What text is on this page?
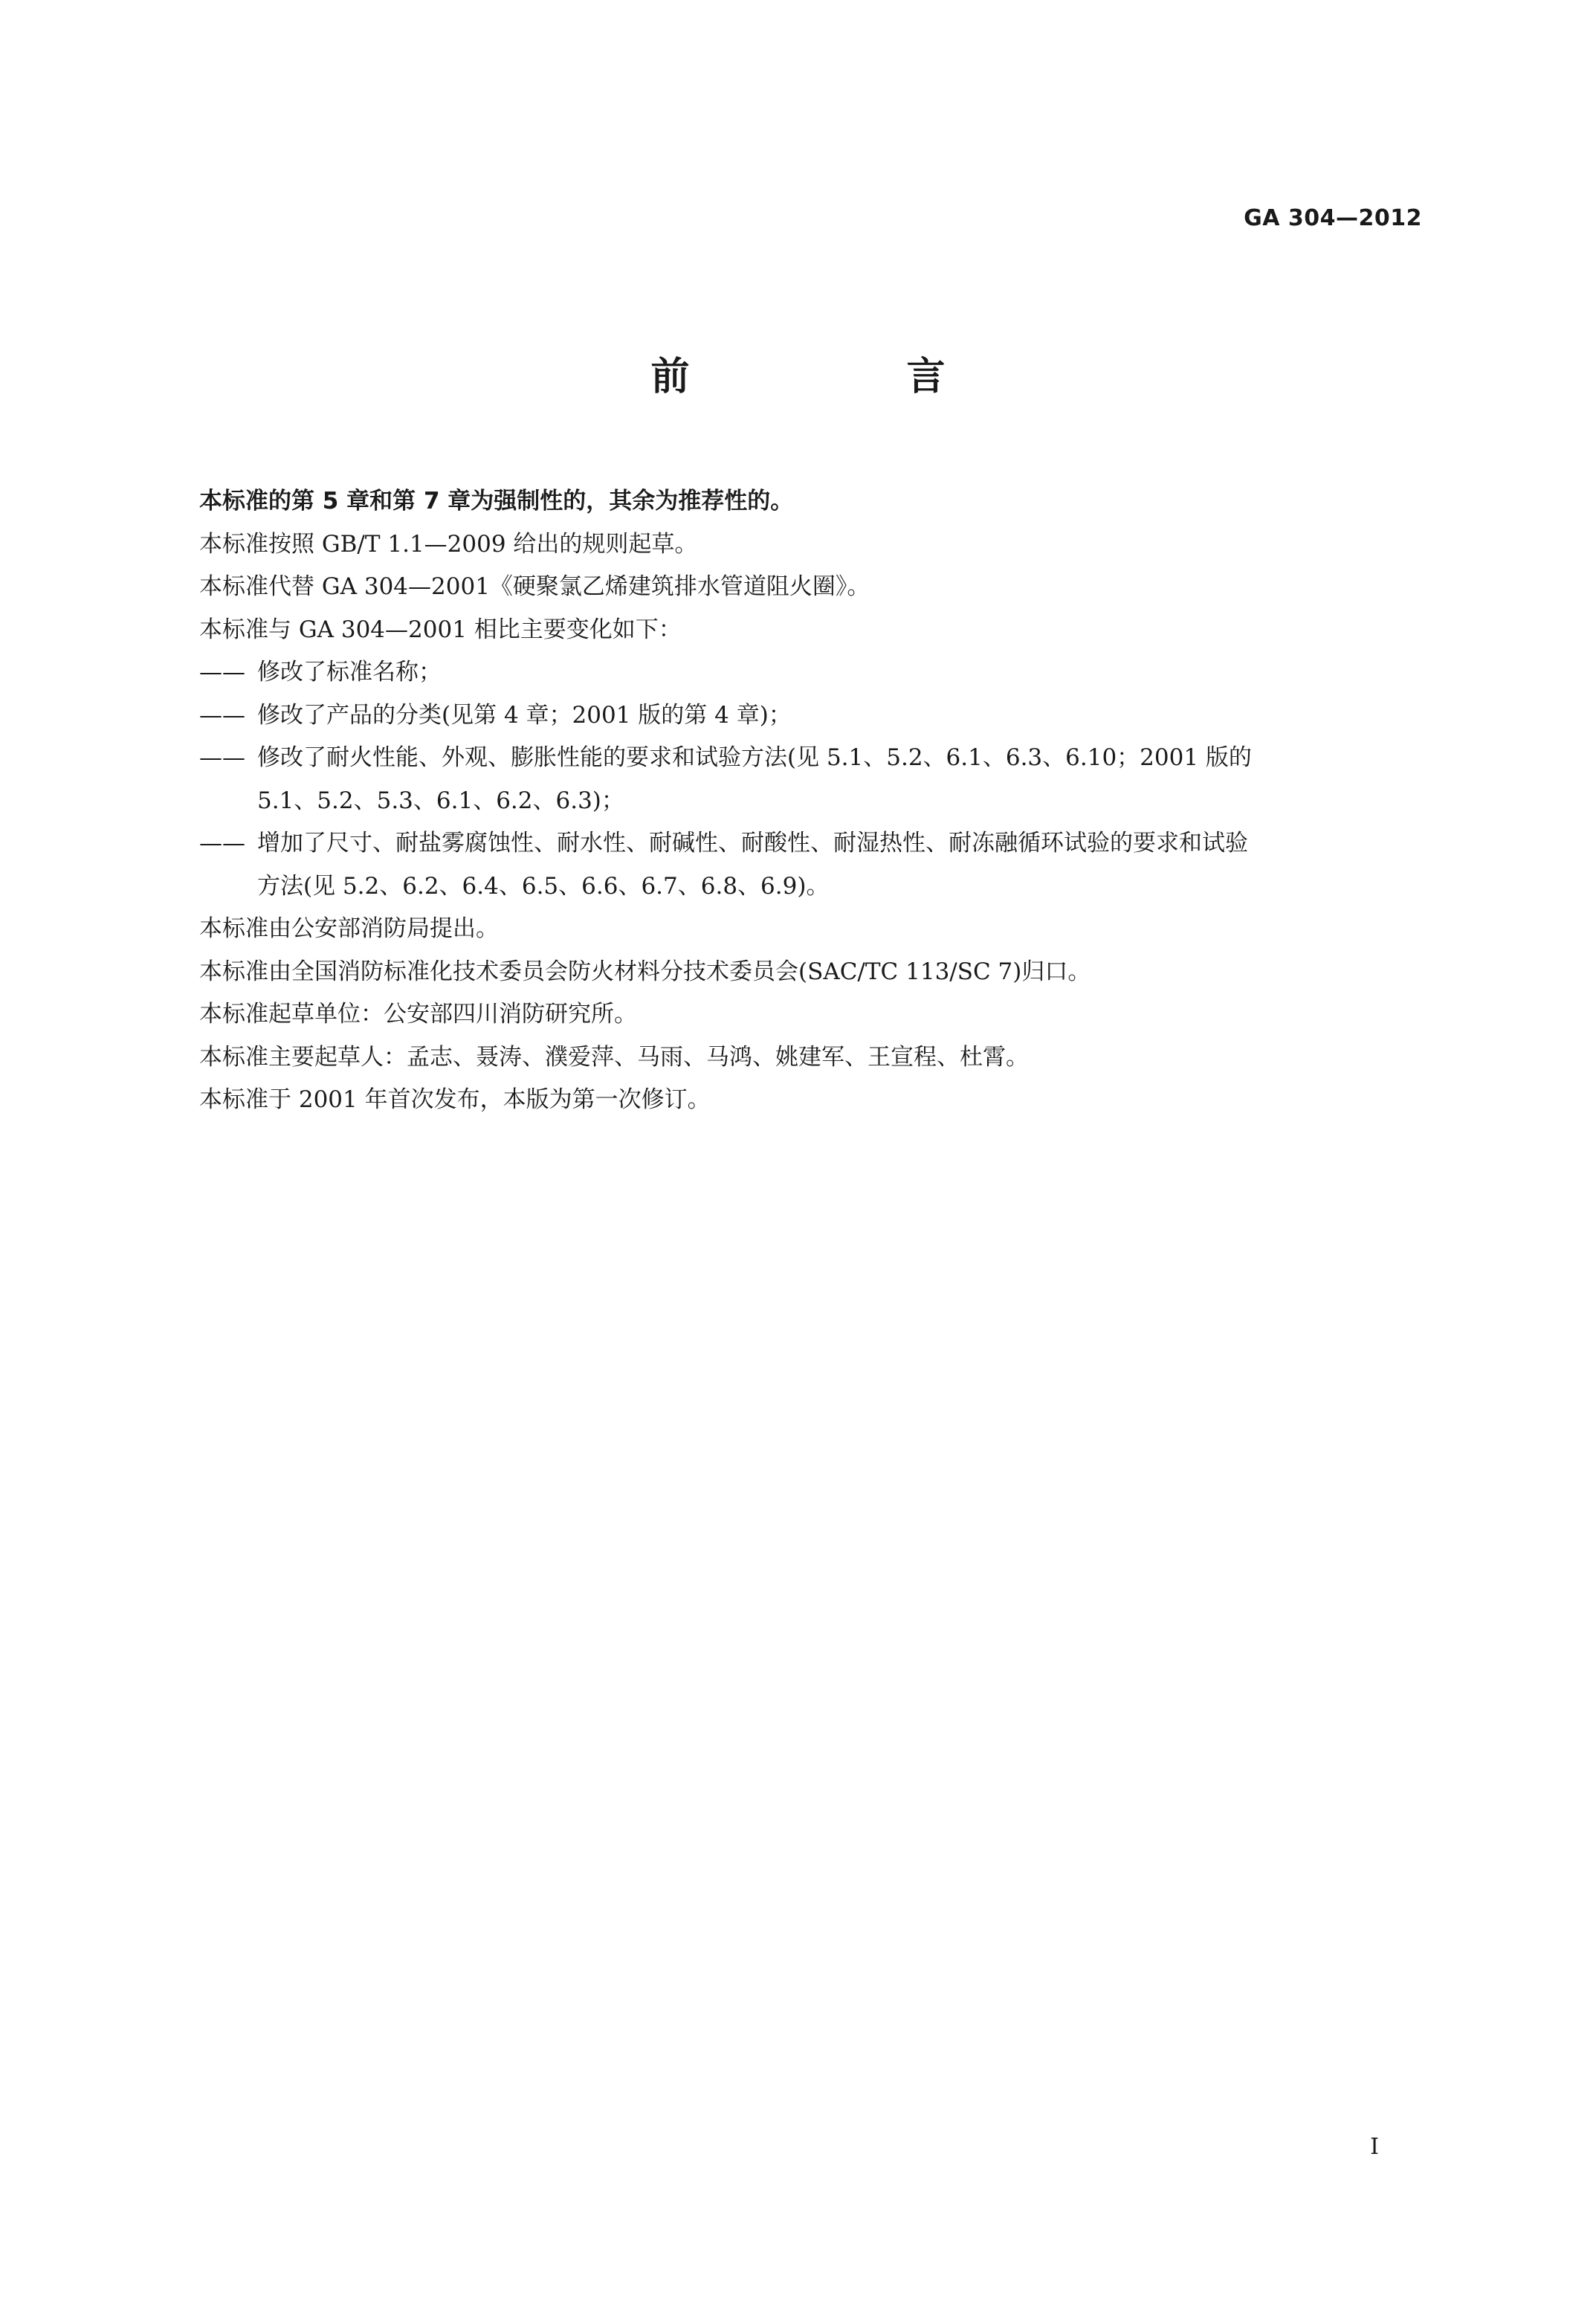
GA 304—2012
前　言

本标准的第 5 章和第 7 章为强制性的，其余为推荐性的。

本标准按照 GB/T 1.1—2009 给出的规则起草。

本标准代替 GA 304—2001《硬聚氯乙烯建筑排水管道阻火圈》。

本标准与 GA 304—2001 相比主要变化如下：

—— 修改了标准名称；
—— 修改了产品的分类(见第 4 章；2001 版的第 4 章)；
—— 修改了耐火性能、外观、膨胀性能的要求和试验方法(见 5.1、5.2、6.1、6.3、6.10；2001 版的
5.1、5.2、5.3、6.1、6.2、6.3)；
—— 增加了尺寸、耐盐雾腐蚀性、耐水性、耐碱性、耐酸性、耐湿热性、耐冻融循环试验的要求和试验
方法(见 5.2、6.2、6.4、6.5、6.6、6.7、6.8、6.9)。

本标准由公安部消防局提出。

本标准由全国消防标准化技术委员会防火材料分技术委员会(SAC/TC 113/SC 7)归口。

本标准起草单位：公安部四川消防研究所。

本标准主要起草人：孟志、聂涛、濮爱萍、马雨、马鸿、姚建军、王宣程、杜霄。

本标准于 2001 年首次发布，本版为第一次修订。

I
